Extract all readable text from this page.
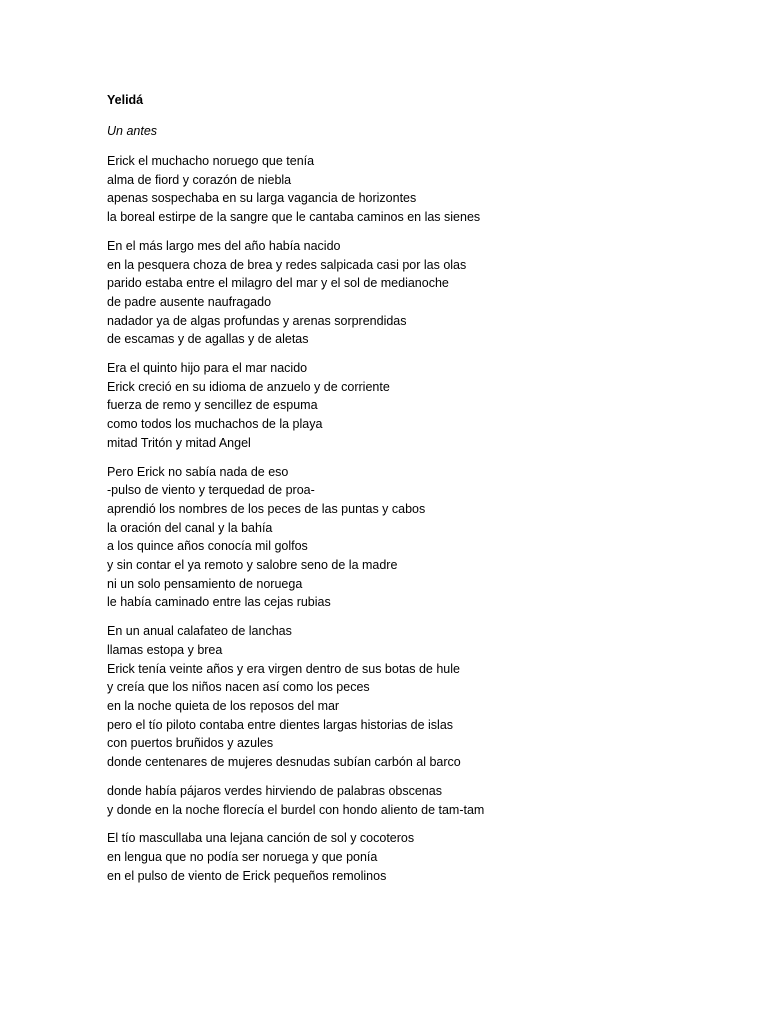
Yelidá
Un antes
Erick el muchacho noruego que tenía
alma de fiord y corazón de niebla
apenas sospechaba en su larga vagancia de horizontes
la boreal estirpe de la sangre que le cantaba caminos en las sienes
En el más largo mes del año había nacido
en la pesquera choza de brea y redes salpicada casi por las olas
parido estaba entre el milagro del mar y el sol de medianoche
de padre ausente naufragado
nadador ya de algas profundas y arenas sorprendidas
de escamas y de agallas y de aletas
Era el quinto hijo para el mar nacido
Erick creció en su idioma de anzuelo y de corriente
fuerza de remo y sencillez de espuma
como todos los muchachos de la playa
mitad Tritón y mitad Angel
Pero Erick no sabía nada de eso
-pulso de viento y terquedad de proa-
aprendió los nombres de los peces de las puntas y cabos
la oración del canal y la bahía
a los quince años conocía mil golfos
y sin contar el ya remoto y salobre seno de la madre
ni un solo pensamiento de noruega
le había caminado entre las cejas rubias
En un anual calafateo de lanchas
llamas estopa y brea
Erick tenía veinte años y era virgen dentro de sus botas de hule
y creía que los niños nacen así como los peces
en la noche quieta de los reposos del mar
pero el tío piloto contaba entre dientes largas historias de islas
con puertos bruñidos y azules
donde centenares de mujeres desnudas subían carbón al barco
donde había pájaros verdes hirviendo de palabras obscenas
y donde en la noche florecía el burdel con hondo aliento de tam-tam
El tío mascullaba una lejana canción de sol y cocoteros
en lengua que no podía ser noruega y que ponía
en el pulso de viento de Erick pequeños remolinos
